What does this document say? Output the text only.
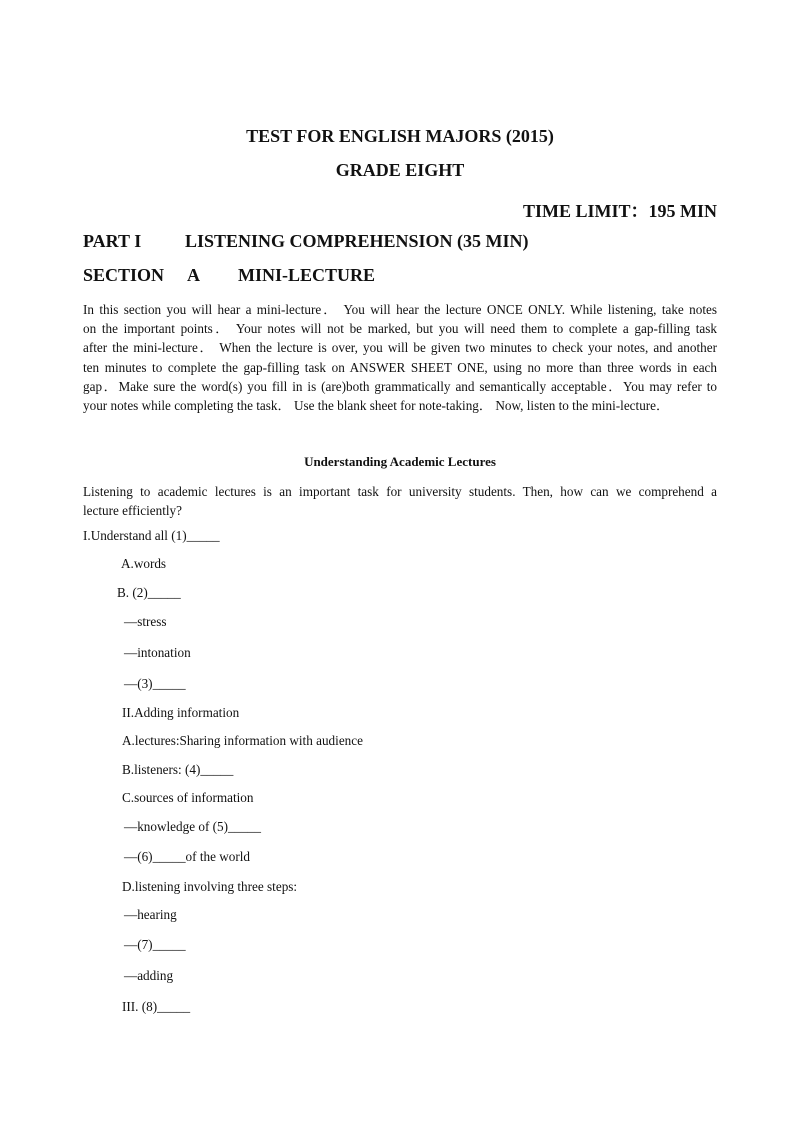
TEST FOR ENGLISH MAJORS (2015)
GRADE EIGHT
TIME LIMIT：195 MIN
PART I LISTENING COMPREHENSION (35 MIN)
SECTION A MINI-LECTURE
In this section you will hear a mini-lecture． You will hear the lecture ONCE ONLY. While listening, take notes
on the important points． Your notes will not be marked, but you will need them to complete a gap-filling task
after the mini-lecture． When the lecture is over, you will be given two minutes to check your notes, and another
ten minutes to complete the gap-filling task on ANSWER SHEET ONE, using no more than three words in each
gap．Make sure the word(s) you fill in is (are)both grammatically and semantically acceptable．You may refer to
your notes while completing the task． Use the blank sheet for note-taking． Now, listen to the mini-lecture．
Understanding Academic Lectures
Listening to academic lectures is an important task for university students. Then, how can we comprehend a
lecture efficiently?
I.Understand all (1)_____
A.words
B. (2)_____
—stress
—intonation
—(3)_____
II.Adding information
A.lectures:Sharing information with audience
B.listeners: (4)_____
C.sources of information
—knowledge of (5)_____
—(6)_____of the world
D.listening involving three steps:
—hearing
—(7)_____
—adding
III. (8)_____
